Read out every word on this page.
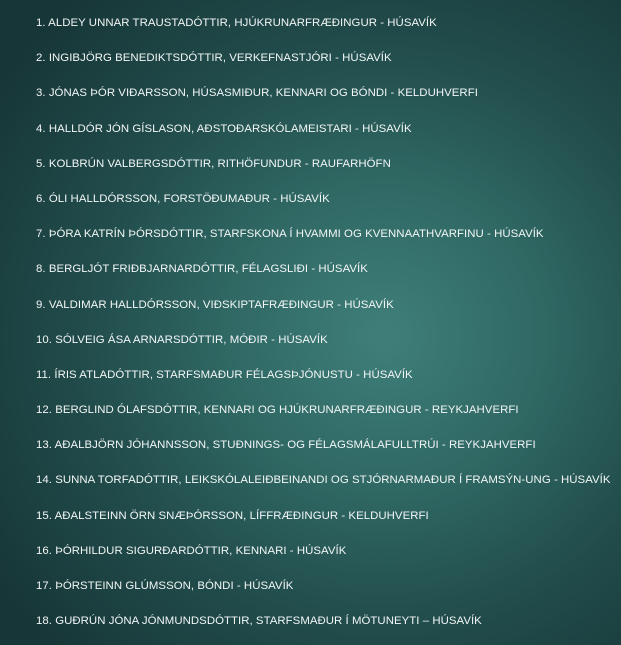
1. ALDEY UNNAR TRAUSTADÓTTIR, HJÚKRUNARFRÆÐINGUR - HÚSAVÍK
2. INGIBJÖRG BENEDIKTSDÓTTIR, VERKEFNASTJÓRI - HÚSAVÍK
3. JÓNAS ÞÓR VIÐARSSON, HÚSASMIÐUR, KENNARI OG BÓNDI - KELDUHVERFI
4. HALLDÓR JÓN GÍSLASON, AÐSTOÐARSKÓLAMEISTARI - HÚSAVÍK
5. KOLBRÚN VALBERGSDÓTTIR, RITHÖFUNDUR - RAUFARHÖFN
6. ÓLI HALLDÓRSSON, FORSTÖÐUMAÐUR - HÚSAVÍK
7. ÞÓRA KATRÍN ÞÓRSDÓTTIR, STARFSKONA Í HVAMMI OG KVENNAATHVARFINU - HÚSAVÍK
8. BERGLJÓT FRIÐBJARNARDÓTTIR, FÉLAGSLIÐI - HÚSAVÍK
9. VALDIMAR HALLDÓRSSON, VIÐSKIPTAFRÆÐINGUR - HÚSAVÍK
10. SÓLVEIG ÁSA ARNARSDÓTTIR, MÓÐIR - HÚSAVÍK
11. ÍRIS ATLADÓTTIR, STARFSMAÐUR FÉLAGSÞJÓNUSTU - HÚSAVÍK
12. BERGLIND ÓLAFSDÓTTIR, KENNARI OG HJÚKRUNARFRÆÐINGUR - REYKJAHVERFI
13. AÐALBJÖRN JÓHANNSSON, STUÐNINGS- OG FÉLAGSMÁLAFULLTRÚI - REYKJAHVERFI
14. SUNNA TORFADÓTTIR, LEIKSKÓLALEIÐBEINANDI OG STJÓRNARMAÐUR Í FRAMSÝN-UNG - HÚSAVÍK
15. AÐALSTEINN ÖRN SNÆÞÓRSSON, LÍFFRÆÐINGUR - KELDUHVERFI
16. ÞÓRHILDUR SIGURÐARDÓTTIR, KENNARI - HÚSAVÍK
17. ÞÓRSTEINN GLÚMSSON, BÓNDI - HÚSAVÍK
18. GUÐRÚN JÓNA JÓNMUNDSDÓTTIR, STARFSMAÐUR Í MÖTUNEYTI – HÚSAVÍK
